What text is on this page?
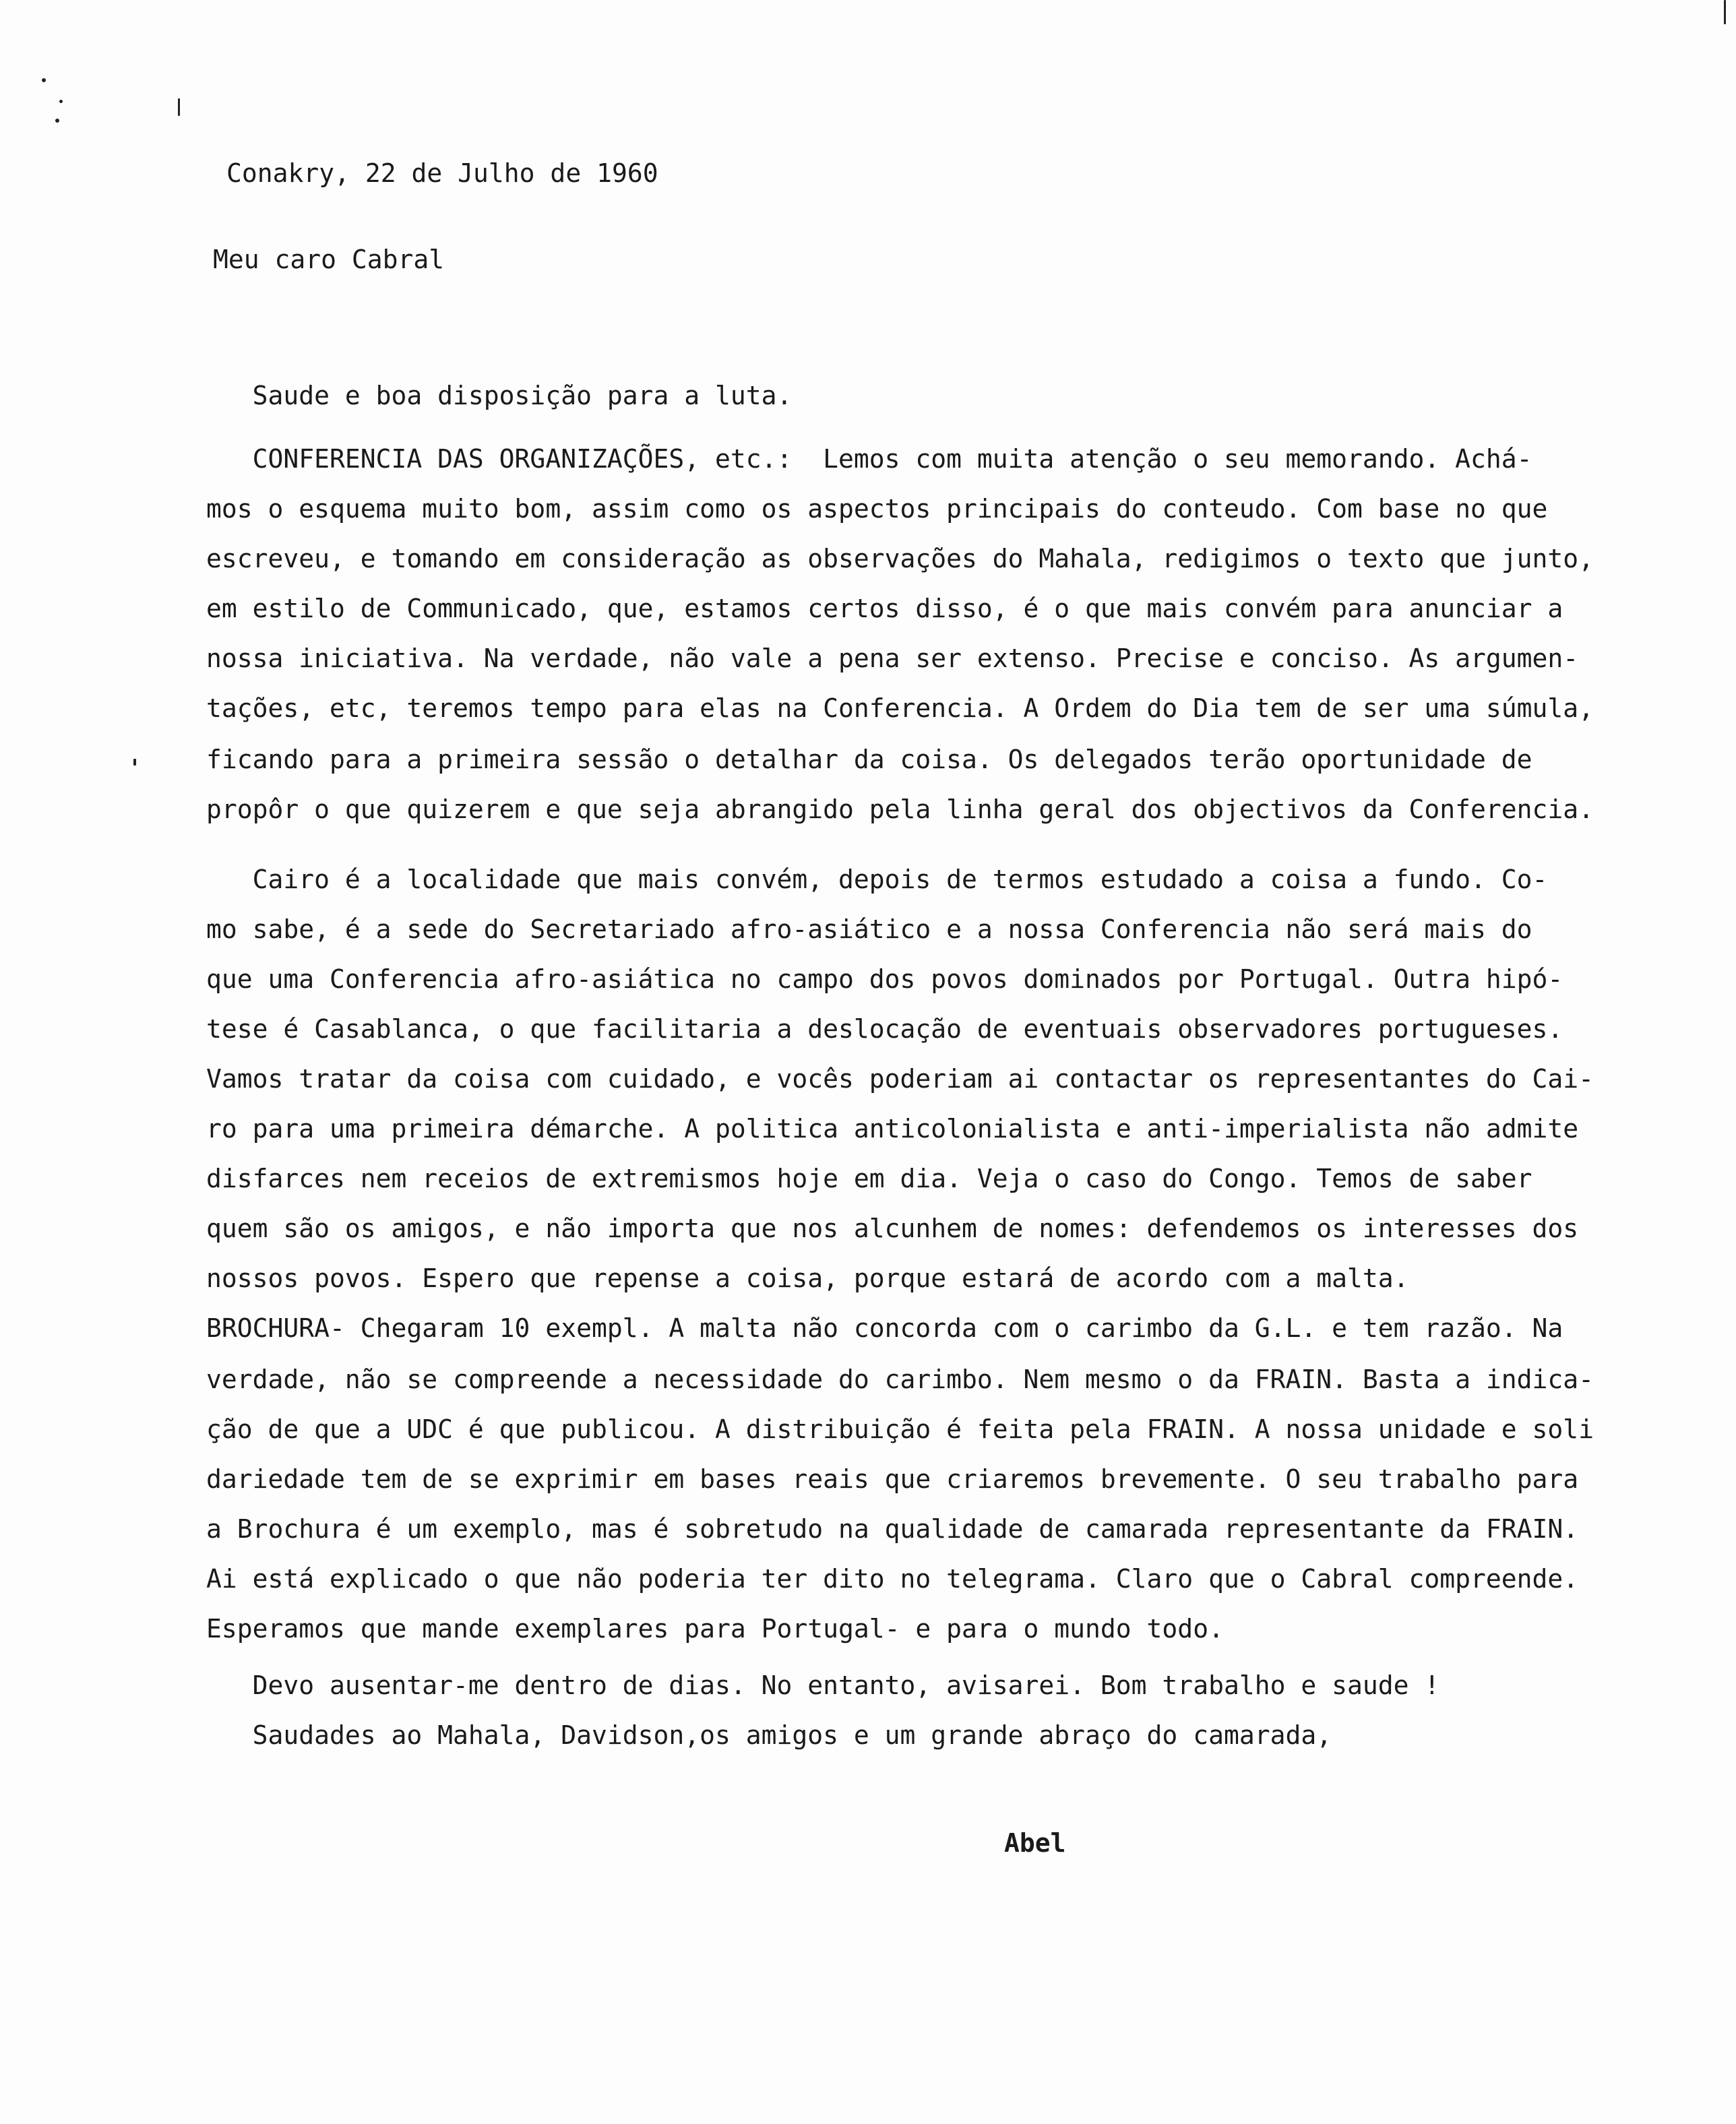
Conakry, 22 de Julho de 1960
Meu caro Cabral
Saude e boa disposição para a luta.
CONFERENCIA DAS ORGANIZAÇÕES, etc.:  Lemos com muita atenção o seu memorando. Achá-
mos o esquema muito bom, assim como os aspectos principais do conteudo. Com base no que
escreveu, e tomando em consideração as observações do Mahala, redigimos o texto que junto,
em estilo de Communicado, que, estamos certos disso, é o que mais convém para anunciar a
nossa iniciativa. Na verdade, não vale a pena ser extenso. Precise e conciso. As argumen-
tações, etc, teremos tempo para elas na Conferencia. A Ordem do Dia tem de ser uma súmula,
ficando para a primeira sessão o detalhar da coisa. Os delegados terão oportunidade de
propôr o que quizerem e que seja abrangido pela linha geral dos objectivos da Conferencia.
Cairo é a localidade que mais convém, depois de termos estudado a coisa a fundo. Co-
mo sabe, é a sede do Secretariado afro-asiático e a nossa Conferencia não será mais do
que uma Conferencia afro-asiática no campo dos povos dominados por Portugal. Outra hipó-
tese é Casablanca, o que facilitaria a deslocação de eventuais observadores portugueses.
Vamos tratar da coisa com cuidado, e vocês poderiam ai contactar os representantes do Cai-
ro para uma primeira démarche. A politica anticolonialista e anti-imperialista não admite
disfarces nem receios de extremismos hoje em dia. Veja o caso do Congo. Temos de saber
quem são os amigos, e não importa que nos alcunhem de nomes: defendemos os interesses dos
nossos povos. Espero que repense a coisa, porque estará de acordo com a malta.
BROCHURA- Chegaram 10 exempl. A malta não concorda com o carimbo da G.L. e tem razão. Na
verdade, não se compreende a necessidade do carimbo. Nem mesmo o da FRAIN. Basta a indica-
ção de que a UDC é que publicou. A distribuição é feita pela FRAIN. A nossa unidade e soli
dariedade tem de se exprimir em bases reais que criaremos brevemente. O seu trabalho para
a Brochura é um exemplo, mas é sobretudo na qualidade de camarada representante da FRAIN.
Ai está explicado o que não poderia ter dito no telegrama. Claro que o Cabral compreende.
Esperamos que mande exemplares para Portugal- e para o mundo todo.
Devo ausentar-me dentro de dias. No entanto, avisarei. Bom trabalho e saude !
Saudades ao Mahala, Davidson,os amigos e um grande abraço do camarada,
Abel
